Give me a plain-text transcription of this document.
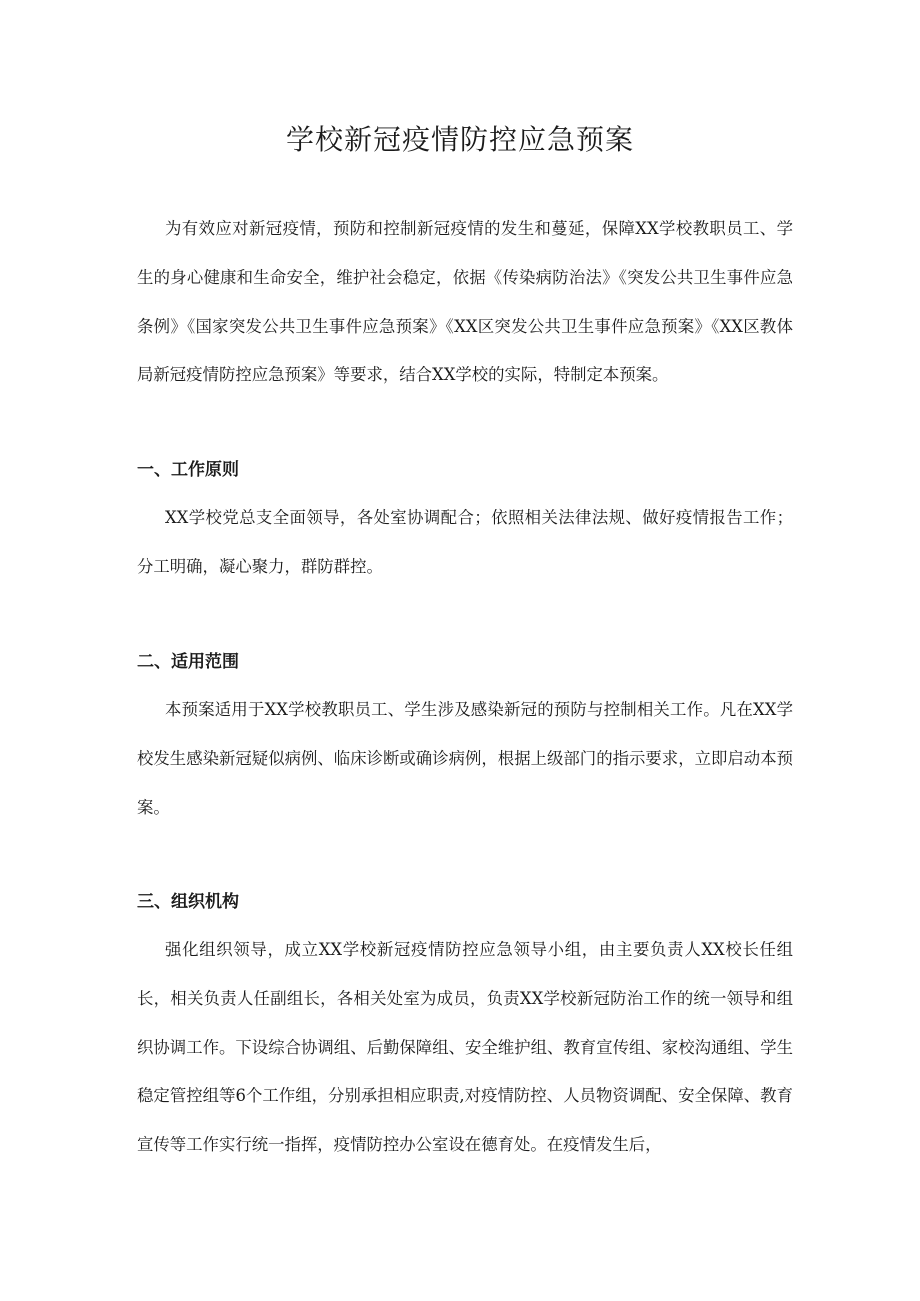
学校新冠疫情防控应急预案

为有效应对新冠疫情，预防和控制新冠疫情的发生和蔓延，保障XX学校教职员工、学生的身心健康和生命安全，维护社会稳定，依据《传染病防治法》《突发公共卫生事件应急条例》《国家突发公共卫生事件应急预案》《XX区突发公共卫生事件应急预案》《XX区教体局新冠疫情防控应急预案》等要求，结合XX学校的实际，特制定本预案。

一、工作原则

XX学校党总支全面领导，各处室协调配合；依照相关法律法规、做好疫情报告工作；分工明确，凝心聚力，群防群控。

二、适用范围

本预案适用于XX学校教职员工、学生涉及感染新冠的预防与控制相关工作。凡在XX学校发生感染新冠疑似病例、临床诊断或确诊病例，根据上级部门的指示要求，立即启动本预案。

三、组织机构

强化组织领导，成立XX学校新冠疫情防控应急领导小组，由主要负责人XX校长任组长，相关负责人任副组长，各相关处室为成员，负责XX学校新冠防治工作的统一领导和组织协调工作。下设综合协调组、后勤保障组、安全维护组、教育宣传组、家校沟通组、学生稳定管控组等6个工作组，分别承担相应职责,对疫情防控、人员物资调配、安全保障、教育宣传等工作实行统一指挥，疫情防控办公室设在德育处。在疫情发生后，
